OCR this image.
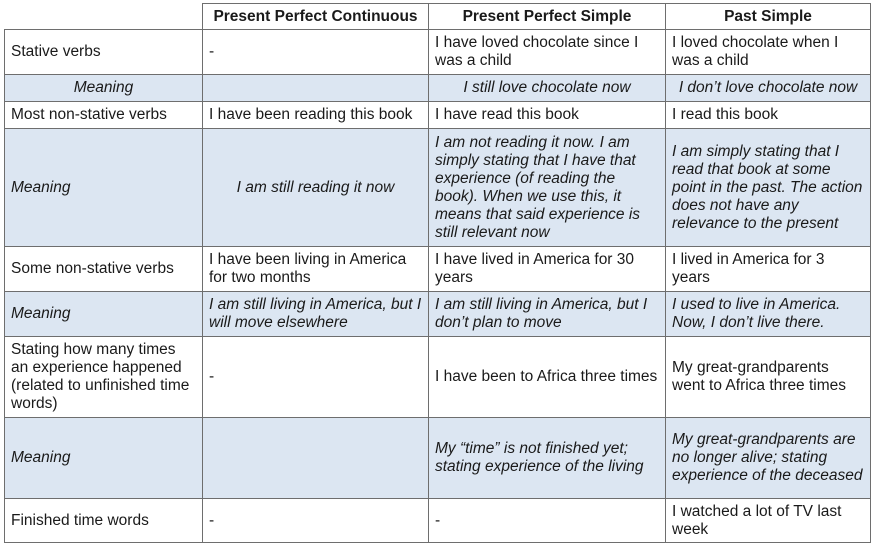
	Present Perfect Continuous	Present Perfect Simple	Past Simple
Stative verbs	-	I have loved chocolate since I was a child	I loved chocolate when I was a child
Meaning		I still love chocolate now	I don’t love chocolate now
Most non-stative verbs	I have been reading this book	I have read this book	I read this book
Meaning	I am still reading it now	I am not reading it now. I am simply stating that I have that experience (of reading the book). When we use this, it means that said experience is still relevant now	I am simply stating that I read that book at some point in the past. The action does not have any relevance to the present
Some non-stative verbs	I have been living in America for two months	I have lived in America for 30 years	I lived in America for 3 years
Meaning	I am still living in America, but I will move elsewhere	I am still living in America, but I don’t plan to move	I used to live in America. Now, I don’t live there.
Stating how many times an experience happened (related to unfinished time words)	-	I have been to Africa three times	My great-grandparents went to Africa three times
Meaning		My “time” is not finished yet; stating experience of the living	My great-grandparents are no longer alive; stating experience of the deceased
Finished time words	-	-	I watched a lot of TV last week
